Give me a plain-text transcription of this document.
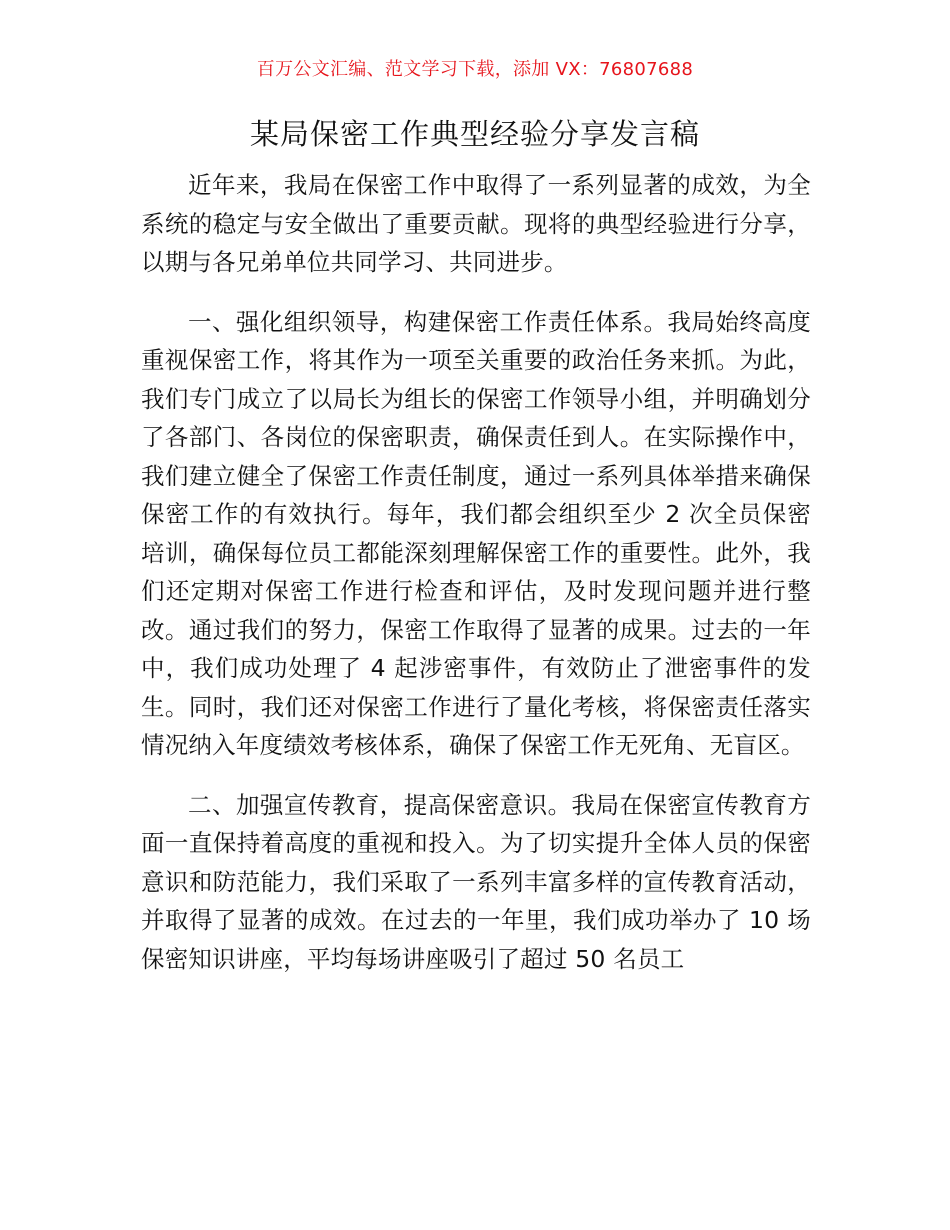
百万公文汇编、范文学习下载，添加 VX：76807688
某局保密工作典型经验分享发言稿

近年来，我局在保密工作中取得了一系列显著的成效，为全系统的稳定与安全做出了重要贡献。现将的典型经验进行分享，以期与各兄弟单位共同学习、共同进步。

一、强化组织领导，构建保密工作责任体系。我局始终高度重视保密工作，将其作为一项至关重要的政治任务来抓。为此，我们专门成立了以局长为组长的保密工作领导小组，并明确划分了各部门、各岗位的保密职责，确保责任到人。在实际操作中，我们建立健全了保密工作责任制度，通过一系列具体举措来确保保密工作的有效执行。每年，我们都会组织至少 2 次全员保密培训，确保每位员工都能深刻理解保密工作的重要性。此外，我们还定期对保密工作进行检查和评估，及时发现问题并进行整改。通过我们的努力，保密工作取得了显著的成果。过去的一年中，我们成功处理了 4 起涉密事件，有效防止了泄密事件的发生。同时，我们还对保密工作进行了量化考核，将保密责任落实情况纳入年度绩效考核体系，确保了保密工作无死角、无盲区。

二、加强宣传教育，提高保密意识。我局在保密宣传教育方面一直保持着高度的重视和投入。为了切实提升全体人员的保密意识和防范能力，我们采取了一系列丰富多样的宣传教育活动，并取得了显著的成效。在过去的一年里，我们成功举办了 10 场保密知识讲座，平均每场讲座吸引了超过 50 名员工
